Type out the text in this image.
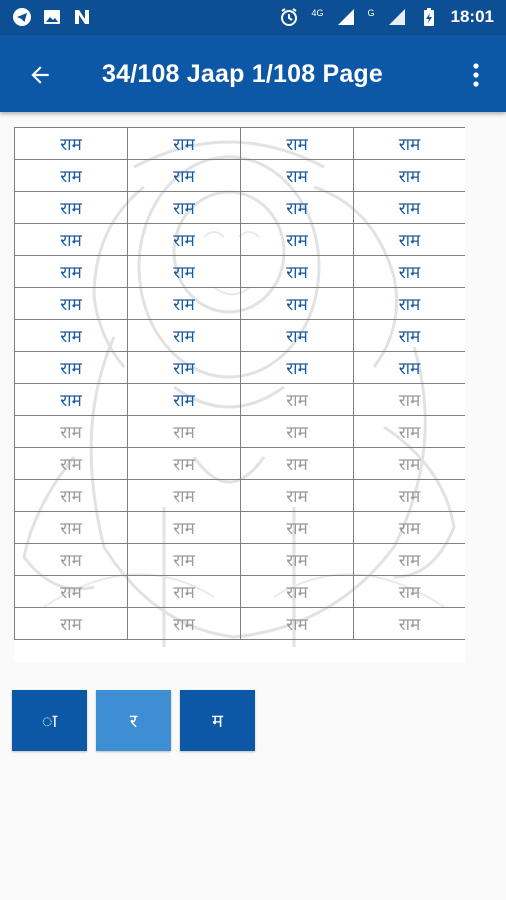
4G	G	18:01
34/108 Jaap 1/108 Page
राम	राम	राम	राम
राम	राम	राम	राम
राम	राम	राम	राम
राम	राम	राम	राम
राम	राम	राम	राम
राम	राम	राम	राम
राम	राम	राम	राम
राम	राम	राम	राम
राम	राम	राम	राम
राम	राम	राम	राम
राम	राम	राम	राम
राम	राम	राम	राम
राम	राम	राम	राम
राम	राम	राम	राम
राम	राम	राम	राम
राम	राम	राम	राम
ा	र	म
